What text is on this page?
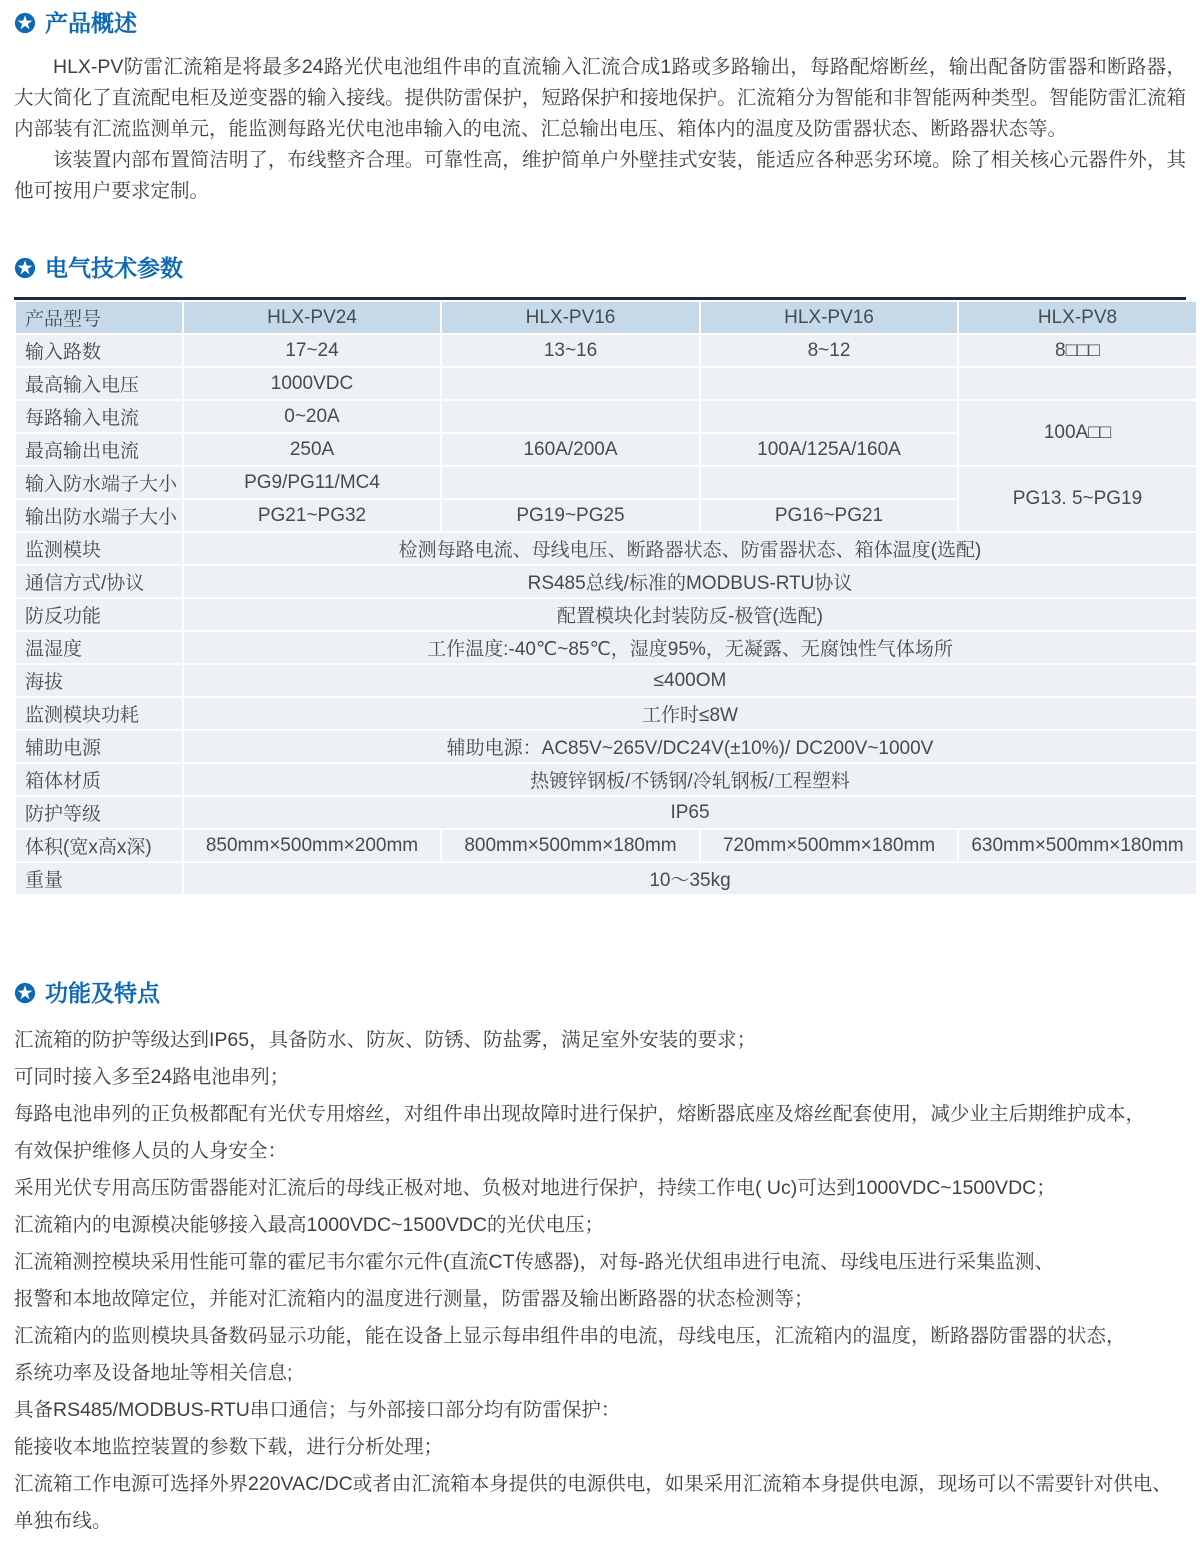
产品概述

HLX-PV防雷汇流箱是将最多24路光伏电池组件串的直流输入汇流合成1路或多路输出，每路配熔断丝，输出配备防雷器和断路器，大大简化了直流配电柜及逆变器的输入接线。提供防雷保护，短路保护和接地保护。汇流箱分为智能和非智能两种类型。智能防雷汇流箱内部装有汇流监测单元，能监测每路光伏电池串输入的电流、汇总输出电压、箱体内的温度及防雷器状态、断路器状态等。

该装置内部布置简洁明了，布线整齐合理。可靠性高，维护简单户外壁挂式安装，能适应各种恶劣环境。除了相关核心元器件外，其他可按用户要求定制。

电气技术参数
产品型号	HLX-PV24	HLX-PV16	HLX-PV16	HLX-PV8
输入路数	17~24	13~16	8~12	8□□□
最高输入电压	1000VDC			
每路输入电流	0~20A			100A□□
最高输出电流	250A	160A/200A	100A/125A/160A	
输入防水端子大小	PG9/PG11/MC4			PG13. 5~PG19
输出防水端子大小	PG21~PG32	PG19~PG25	PG16~PG21	
监测模块	检测每路电流、母线电压、断路器状态、防雷器状态、箱体温度(选配)			
通信方式/协议	RS485总线/标准的MODBUS-RTU协议			
防反功能	配置模块化封装防反-极管(选配)			
温湿度	工作温度:-40℃~85℃，湿度95%，无凝露、无腐蚀性气体场所			
海拔	≤400OM			
监测模块功耗	工作时≤8W			
辅助电源	辅助电源：AC85V~265V/DC24V(±10%)/ DC200V~1000V			
箱体材质	热镀锌钢板/不锈钢/冷轧钢板/工程塑料			
防护等级	IP65			
体积(宽x高x深)	850mm×500mm×200mm	800mm×500mm×180mm	720mm×500mm×180mm	630mm×500mm×180mm
重量	10～35kg			
功能及特点
汇流箱的防护等级达到IP65，具备防水、防灰、防锈、防盐雾，满足室外安装的要求；
可同时接入多至24路电池串列；
每路电池串列的正负极都配有光伏专用熔丝，对组件串出现故障时进行保护，熔断器底座及熔丝配套使用，减少业主后期维护成本，
有效保护维修人员的人身安全：
采用光伏专用高压防雷器能对汇流后的母线正极对地、负极对地进行保护，持续工作电( Uc)可达到1000VDC~1500VDC；
汇流箱内的电源模决能够接入最高1000VDC~1500VDC的光伏电压；
汇流箱测控模块采用性能可靠的霍尼韦尔霍尔元件(直流CT传感器)，对每-路光伏组串进行电流、母线电压进行采集监测、
报警和本地故障定位，并能对汇流箱内的温度进行测量，防雷器及输出断路器的状态检测等；
汇流箱内的监则模块具备数码显示功能，能在设备上显示每串组件串的电流，母线电压，汇流箱内的温度，断路器防雷器的状态，
系统功率及设备地址等相关信息;
具备RS485/MODBUS-RTU串口通信；与外部接口部分均有防雷保护：
能接收本地监控装置的参数下载，进行分析处理；
汇流箱工作电源可选择外界220VAC/DC或者由汇流箱本身提供的电源供电，如果采用汇流箱本身提供电源，现场可以不需要针对供电、
单独布线。
